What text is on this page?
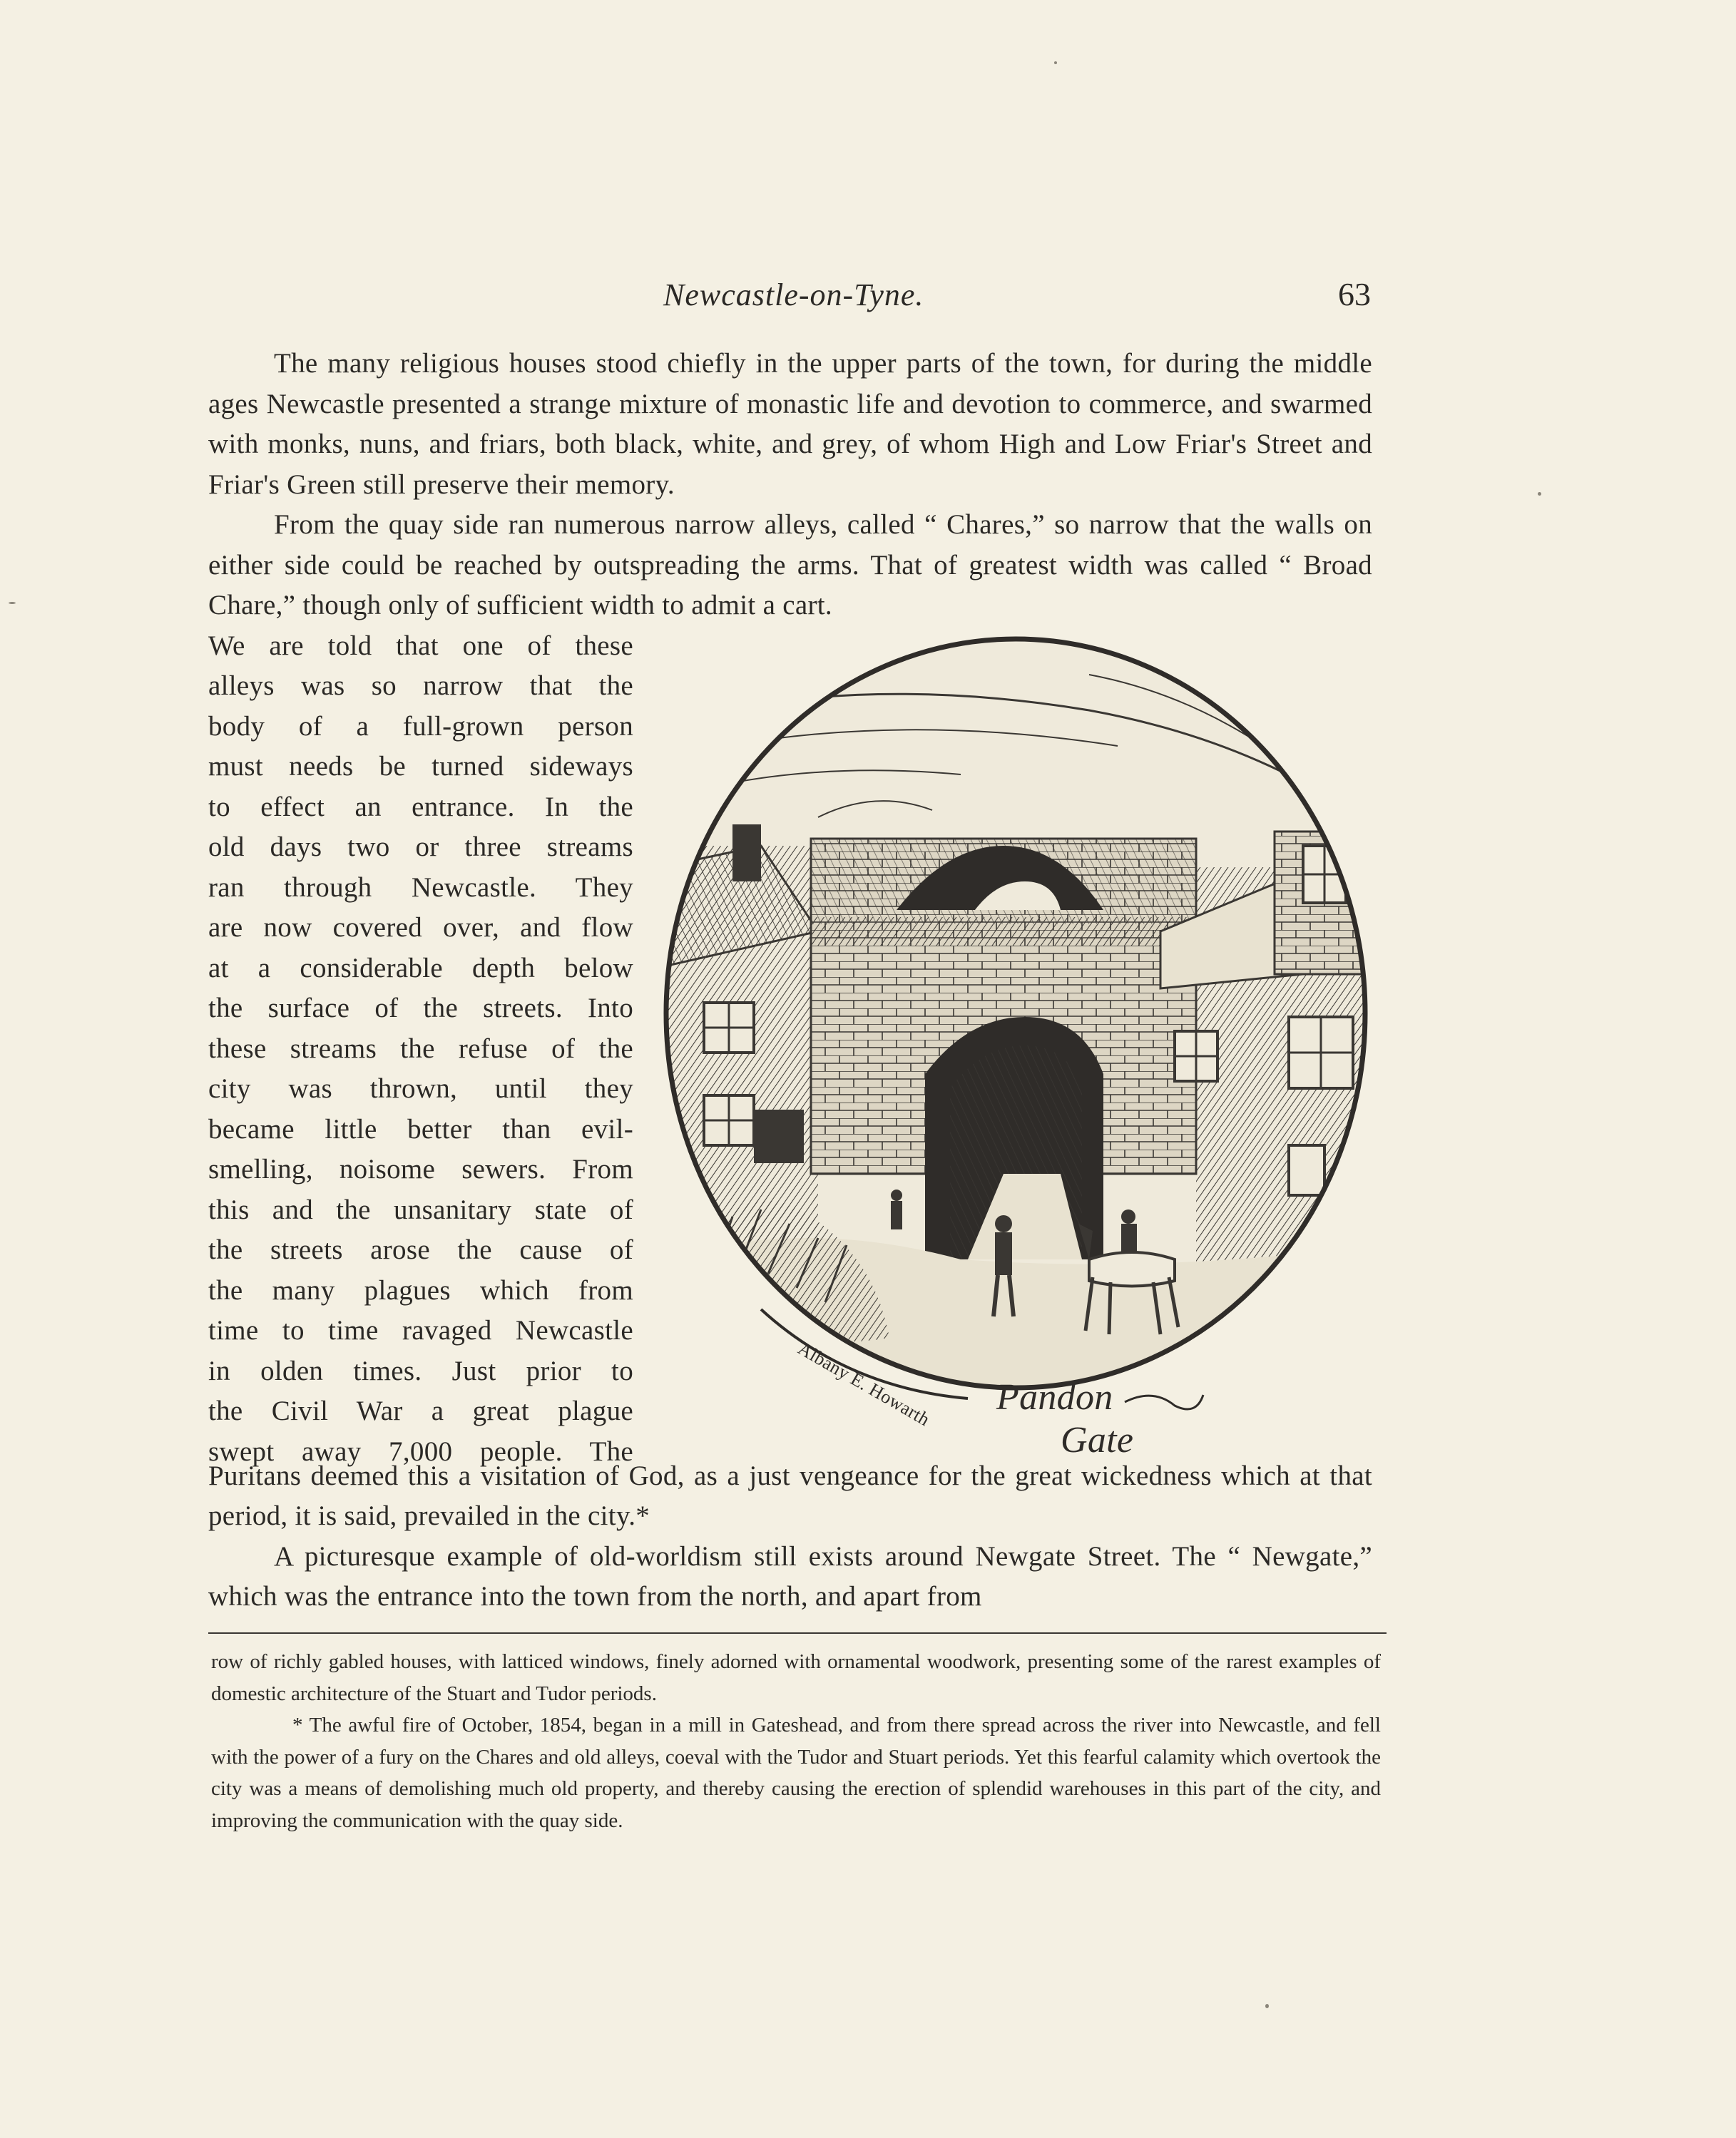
Newcastle-on-Tyne.	63

The many religious houses stood chiefly in the upper parts of the town, for during the middle ages Newcastle presented a strange mixture of monastic life and devotion to commerce, and swarmed with monks, nuns, and friars, both black, white, and grey, of whom High and Low Friar's Street and Friar's Green still preserve their memory.

From the quay side ran numerous narrow alleys, called “ Chares,” so narrow that the walls on either side could be reached by outspreading the arms. That of greatest width was called “ Broad Chare,” though only of sufficient width to admit a cart.

We are told that one of these
alleys was so narrow that the
body of a full-grown person
must needs be turned sideways
to effect an entrance. In the
old days two or three streams
ran through Newcastle. They
are now covered over, and flow
at a considerable depth below
the surface of the streets. Into
these streams the refuse of the
city was thrown, until they
became little better than evil-
smelling, noisome sewers. From
this and the unsanitary state of
the streets arose the cause of
the many plagues which from
time to time ravaged Newcastle
in olden times. Just prior to
the Civil War a great plague
swept away 7,000 people. The
Albany E. Howarth Pandon
Gate

Puritans deemed this a visitation of God, as a just vengeance for the great wickedness which at that period, it is said, prevailed in the city.*

A picturesque example of old-worldism still exists around Newgate Street. The “ Newgate,” which was the entrance into the town from the north, and apart from

row of richly gabled houses, with latticed windows, finely adorned with ornamental woodwork, presenting some of the rarest examples of domestic architecture of the Stuart and Tudor periods.

* The awful fire of October, 1854, began in a mill in Gateshead, and from there spread across the river into Newcastle, and fell with the power of a fury on the Chares and old alleys, coeval with the Tudor and Stuart periods. Yet this fearful calamity which overtook the city was a means of demolishing much old property, and thereby causing the erection of splendid warehouses in this part of the city, and improving the communication with the quay side.
